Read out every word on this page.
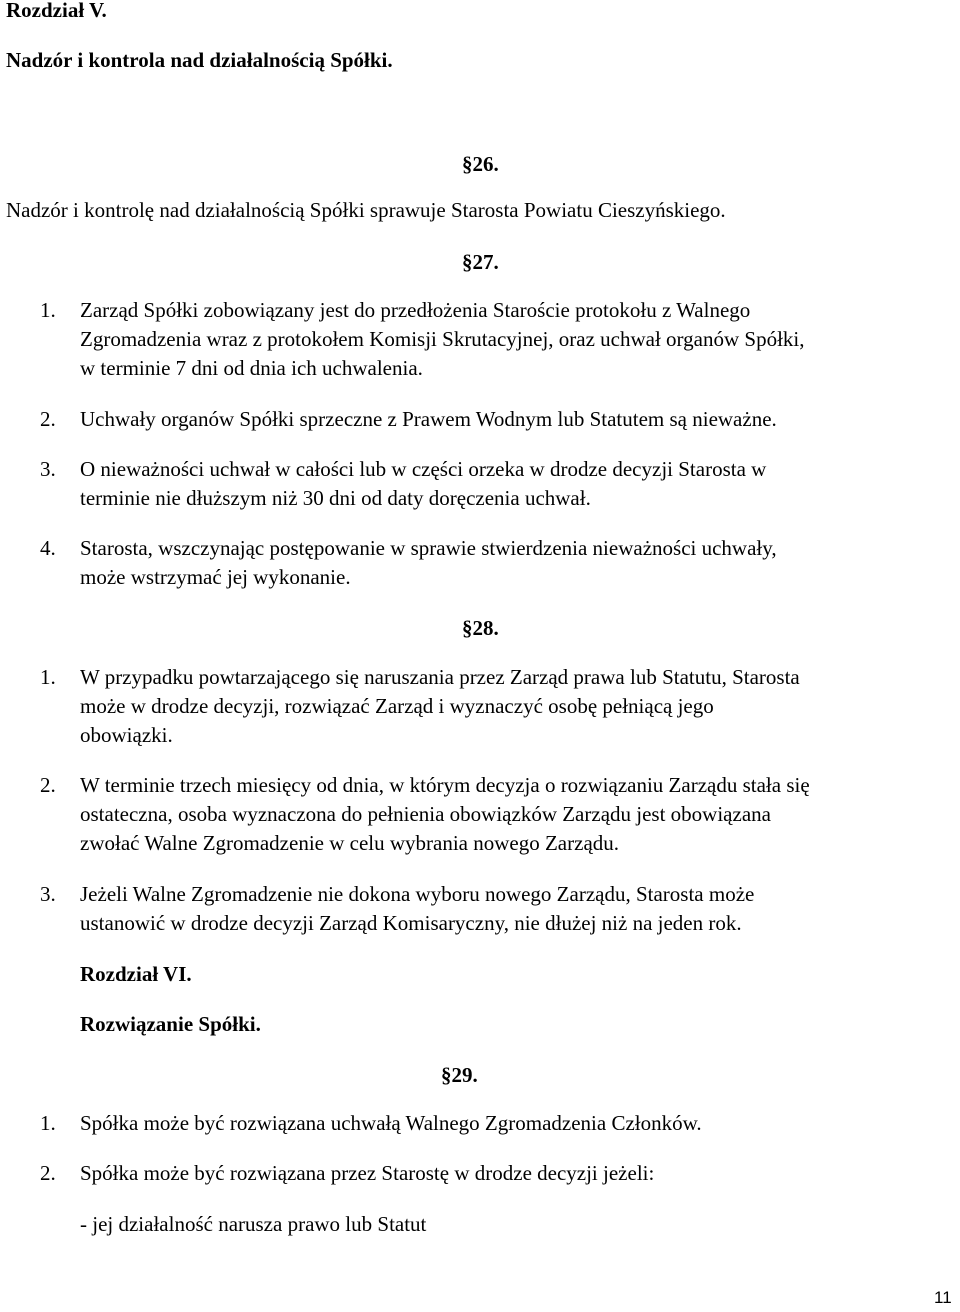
Rozdział V.
Nadzór i kontrola nad działalnością Spółki.
§26.
Nadzór i kontrolę nad działalnością Spółki sprawuje Starosta Powiatu Cieszyńskiego.
§27.
1. Zarząd Spółki zobowiązany jest do przedłożenia Staroście protokołu z Walnego
Zgromadzenia wraz z protokołem Komisji Skrutacyjnej, oraz uchwał organów Spółki,
w terminie 7 dni od dnia ich uchwalenia.
2. Uchwały organów Spółki sprzeczne z Prawem Wodnym lub Statutem są nieważne.
3. O nieważności uchwał w całości lub w części orzeka w drodze decyzji Starosta w
terminie nie dłuższym niż 30 dni od daty doręczenia uchwał.
4. Starosta, wszczynając postępowanie w sprawie stwierdzenia nieważności uchwały,
może wstrzymać jej wykonanie.
§28.
1. W przypadku powtarzającego się naruszania przez Zarząd prawa lub Statutu, Starosta
może w drodze decyzji, rozwiązać Zarząd i wyznaczyć osobę pełniącą jego
obowiązki.
2. W terminie trzech miesięcy od dnia, w którym decyzja o rozwiązaniu Zarządu stała się
ostateczna, osoba wyznaczona do pełnienia obowiązków Zarządu jest obowiązana
zwołać Walne Zgromadzenie w celu wybrania nowego Zarządu.
3. Jeżeli Walne Zgromadzenie nie dokona wyboru nowego Zarządu, Starosta może
ustanowić w drodze decyzji Zarząd Komisaryczny, nie dłużej niż na jeden rok.
Rozdział VI.
Rozwiązanie Spółki.
§29.
1. Spółka może być rozwiązana uchwałą Walnego Zgromadzenia Członków.
2. Spółka może być rozwiązana przez Starostę w drodze decyzji jeżeli:
- jej działalność narusza prawo lub Statut
11
